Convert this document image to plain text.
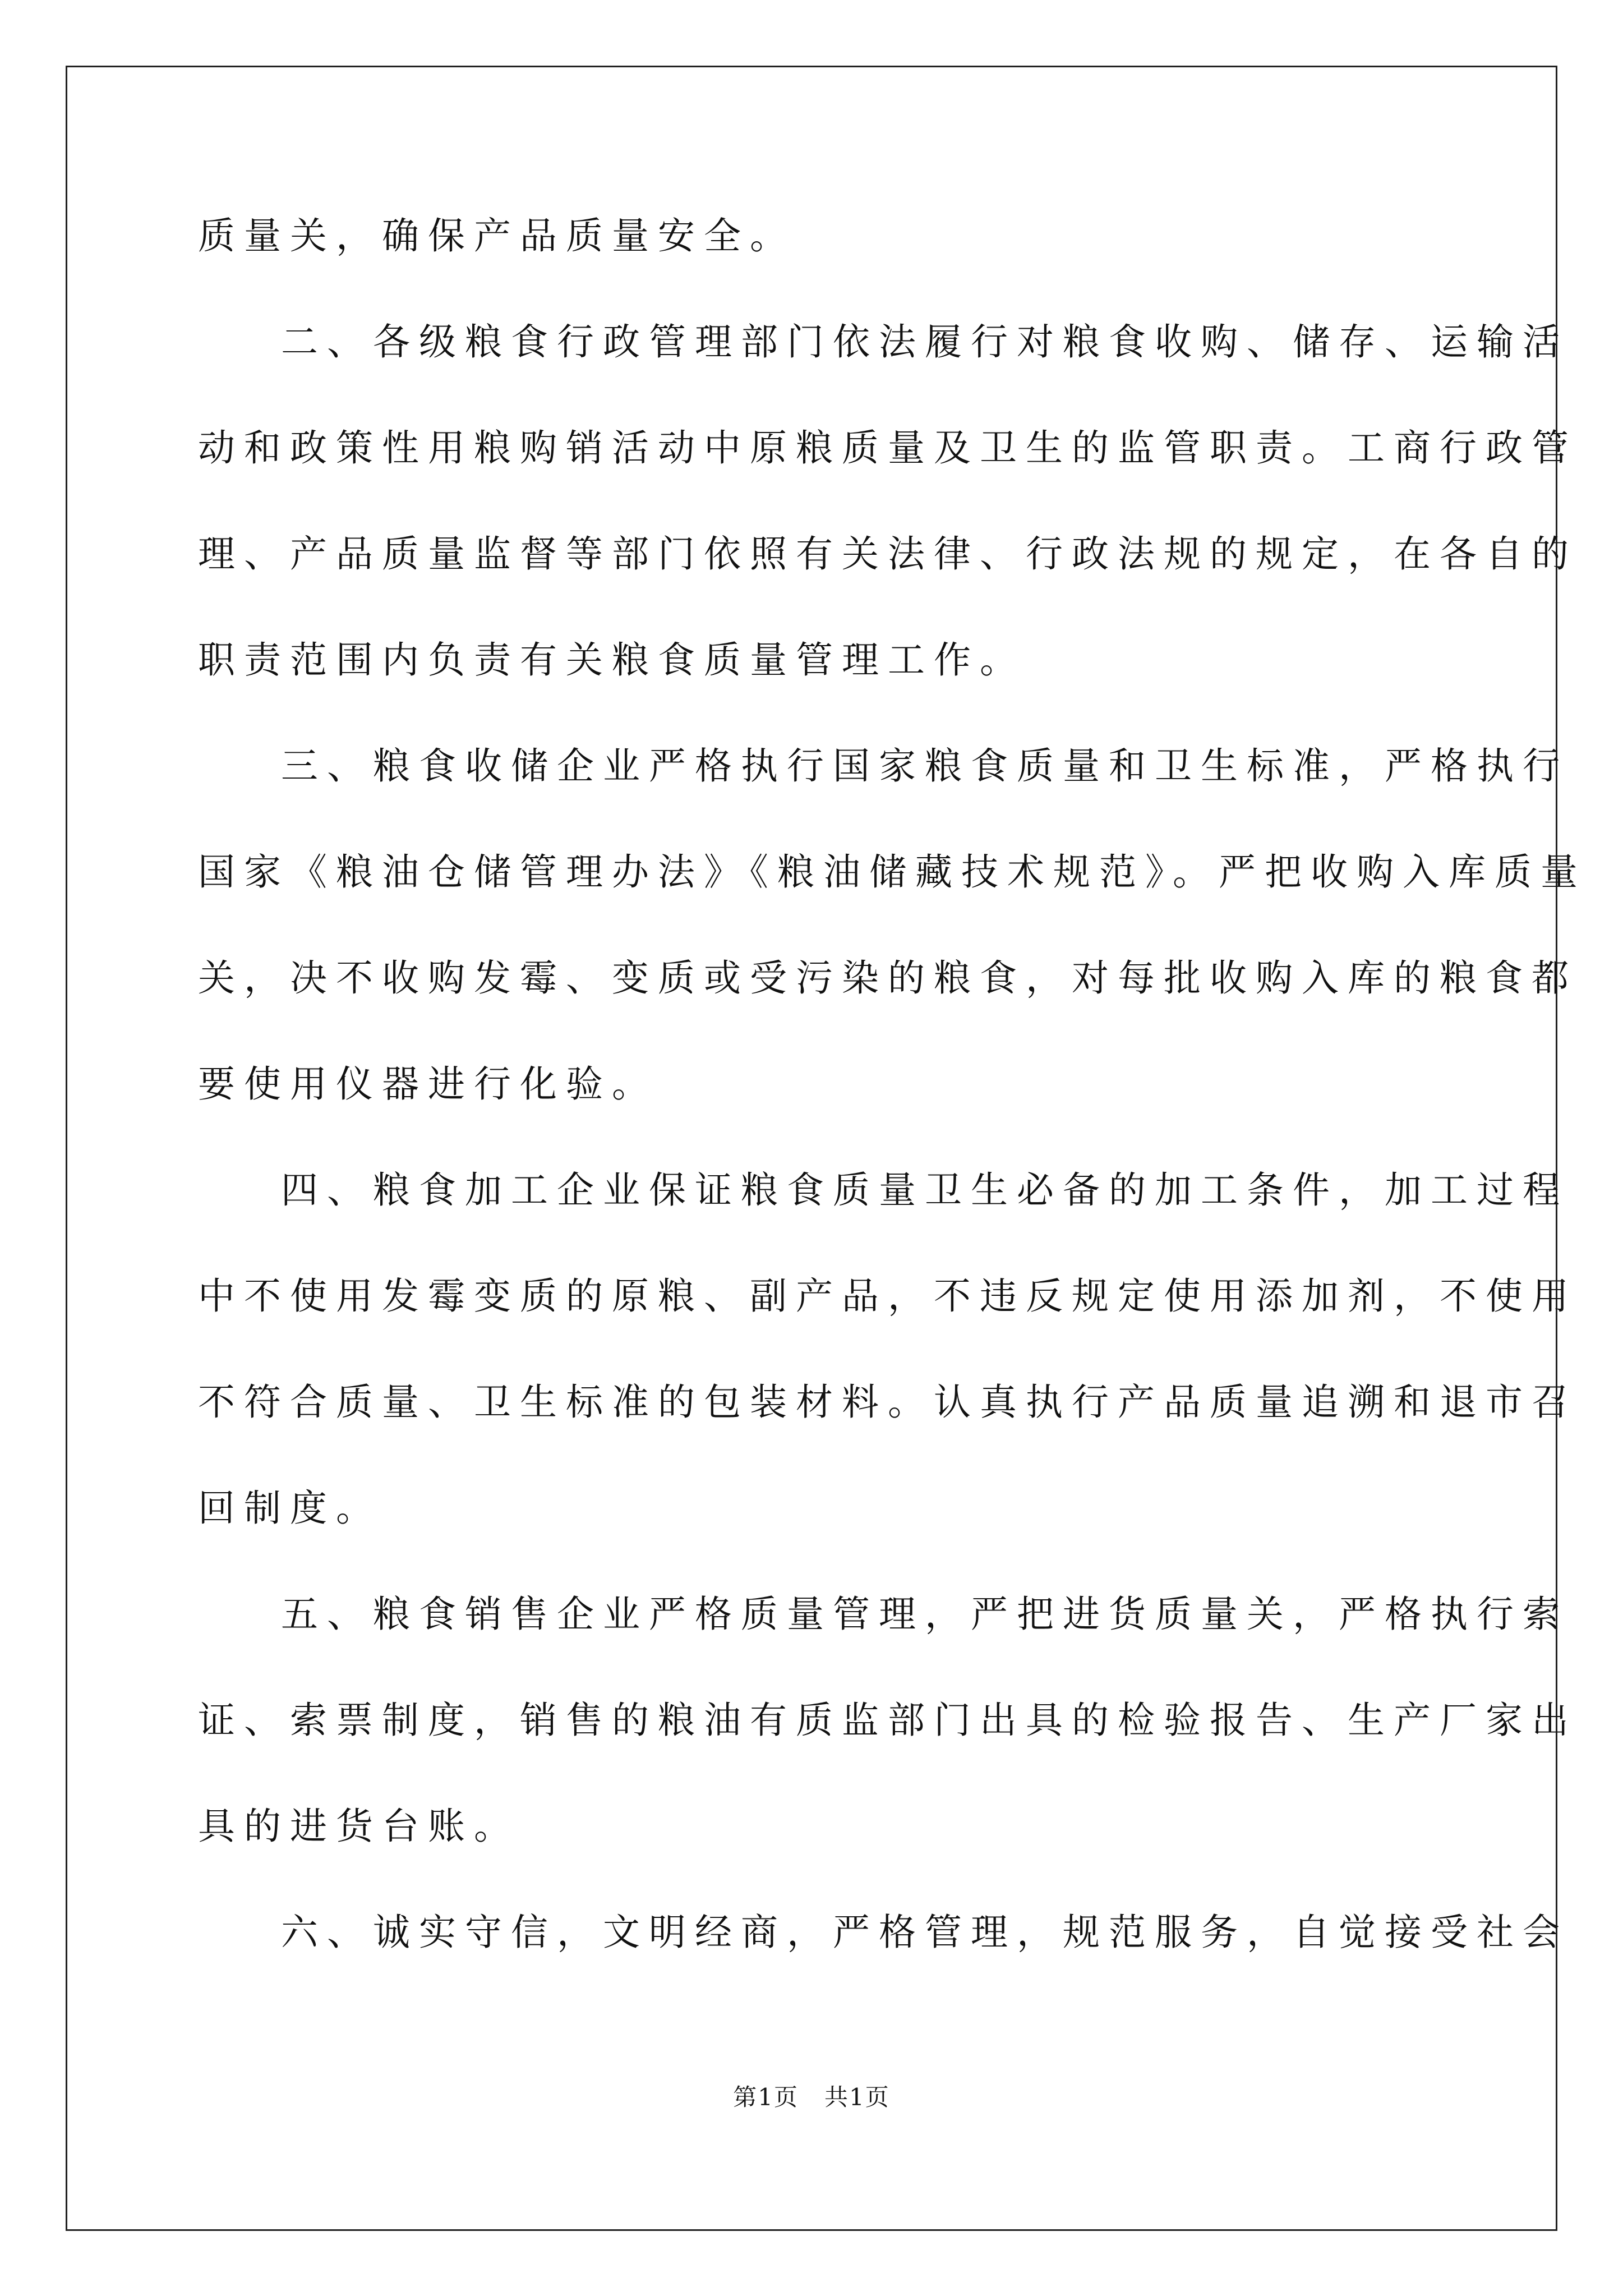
质量关，确保产品质量安全。
二、各级粮食行政管理部门依法履行对粮食收购、储存、运输活
动和政策性用粮购销活动中原粮质量及卫生的监管职责。工商行政管
理、产品质量监督等部门依照有关法律、行政法规的规定，在各自的
职责范围内负责有关粮食质量管理工作。
三、粮食收储企业严格执行国家粮食质量和卫生标准，严格执行
国家《粮油仓储管理办法》《粮油储藏技术规范》。严把收购入库质量
关，决不收购发霉、变质或受污染的粮食，对每批收购入库的粮食都
要使用仪器进行化验。
四、粮食加工企业保证粮食质量卫生必备的加工条件，加工过程
中不使用发霉变质的原粮、副产品，不违反规定使用添加剂，不使用
不符合质量、卫生标准的包装材料。认真执行产品质量追溯和退市召
回制度。
五、粮食销售企业严格质量管理，严把进货质量关，严格执行索
证、索票制度，销售的粮油有质监部门出具的检验报告、生产厂家出
具的进货台账。
六、诚实守信，文明经商，严格管理，规范服务，自觉接受社会
第1页   共1页
